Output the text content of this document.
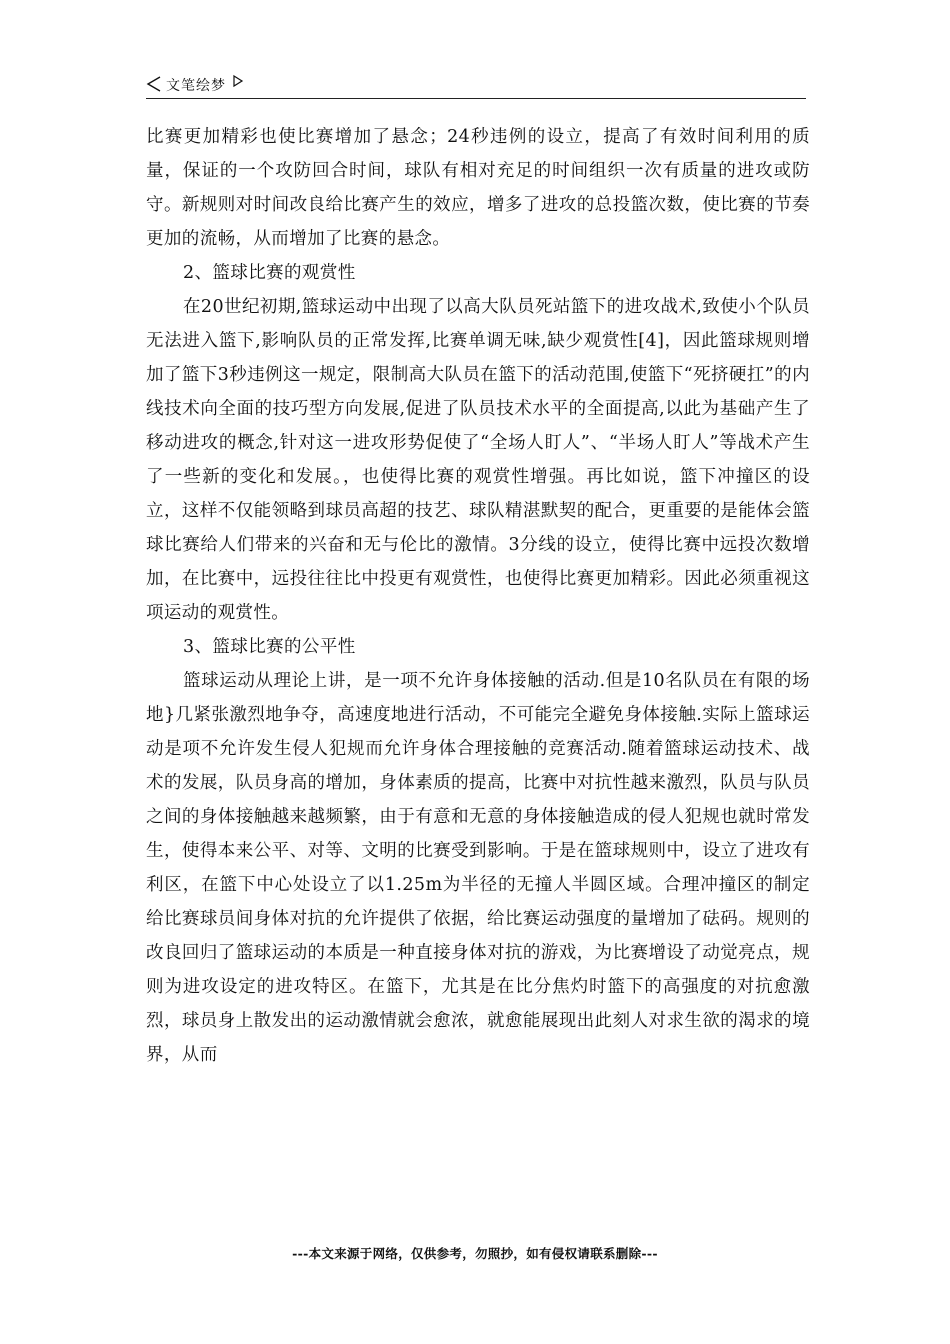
文笔绘梦

比赛更加精彩也使比赛增加了悬念；24秒违例的设立，提高了有效时间利用的质量，保证的一个攻防回合时间，球队有相对充足的时间组织一次有质量的进攻或防守。新规则对时间改良给比赛产生的效应，增多了进攻的总投篮次数，使比赛的节奏更加的流畅，从而增加了比赛的悬念。

2、篮球比赛的观赏性

在20世纪初期,篮球运动中出现了以高大队员死站篮下的进攻战术,致使小个队员无法进入篮下,影响队员的正常发挥,比赛单调无味,缺少观赏性[4]，因此篮球规则增加了篮下3秒违例这一规定，限制高大队员在篮下的活动范围,使篮下“死挤硬扛”的内线技术向全面的技巧型方向发展,促进了队员技术水平的全面提高,以此为基础产生了移动进攻的概念,针对这一进攻形势促使了“全场人盯人”、“半场人盯人”等战术产生了一些新的变化和发展。，也使得比赛的观赏性增强。再比如说，篮下冲撞区的设立，这样不仅能领略到球员高超的技艺、球队精湛默契的配合，更重要的是能体会篮球比赛给人们带来的兴奋和无与伦比的激情。3分线的设立，使得比赛中远投次数增加，在比赛中，远投往往比中投更有观赏性，也使得比赛更加精彩。因此必须重视这项运动的观赏性。

3、篮球比赛的公平性

篮球运动从理论上讲，是一项不允许身体接触的活动.但是10名队员在有限的场地}几紧张激烈地争夺，高速度地进行活动，不可能完全避免身体接触.实际上篮球运动是项不允许发生侵人犯规而允许身体合理接触的竞赛活动.随着篮球运动技术、战术的发展，队员身高的增加，身体素质的提高，比赛中对抗性越来激烈，队员与队员之间的身体接触越来越频繁，由于有意和无意的身体接触造成的侵人犯规也就时常发生，使得本来公平、对等、文明的比赛受到影响。于是在篮球规则中，设立了进攻有利区，在篮下中心处设立了以1.25m为半径的无撞人半圆区域。合理冲撞区的制定给比赛球员间身体对抗的允许提供了依据，给比赛运动强度的量增加了砝码。规则的改良回归了篮球运动的本质是一种直接身体对抗的游戏，为比赛增设了动觉亮点，规则为进攻设定的进攻特区。在篮下，尤其是在比分焦灼时篮下的高强度的对抗愈激烈，球员身上散发出的运动激情就会愈浓，就愈能展现出此刻人对求生欲的渴求的境界，从而

---本文来源于网络，仅供参考，勿照抄，如有侵权请联系删除---
